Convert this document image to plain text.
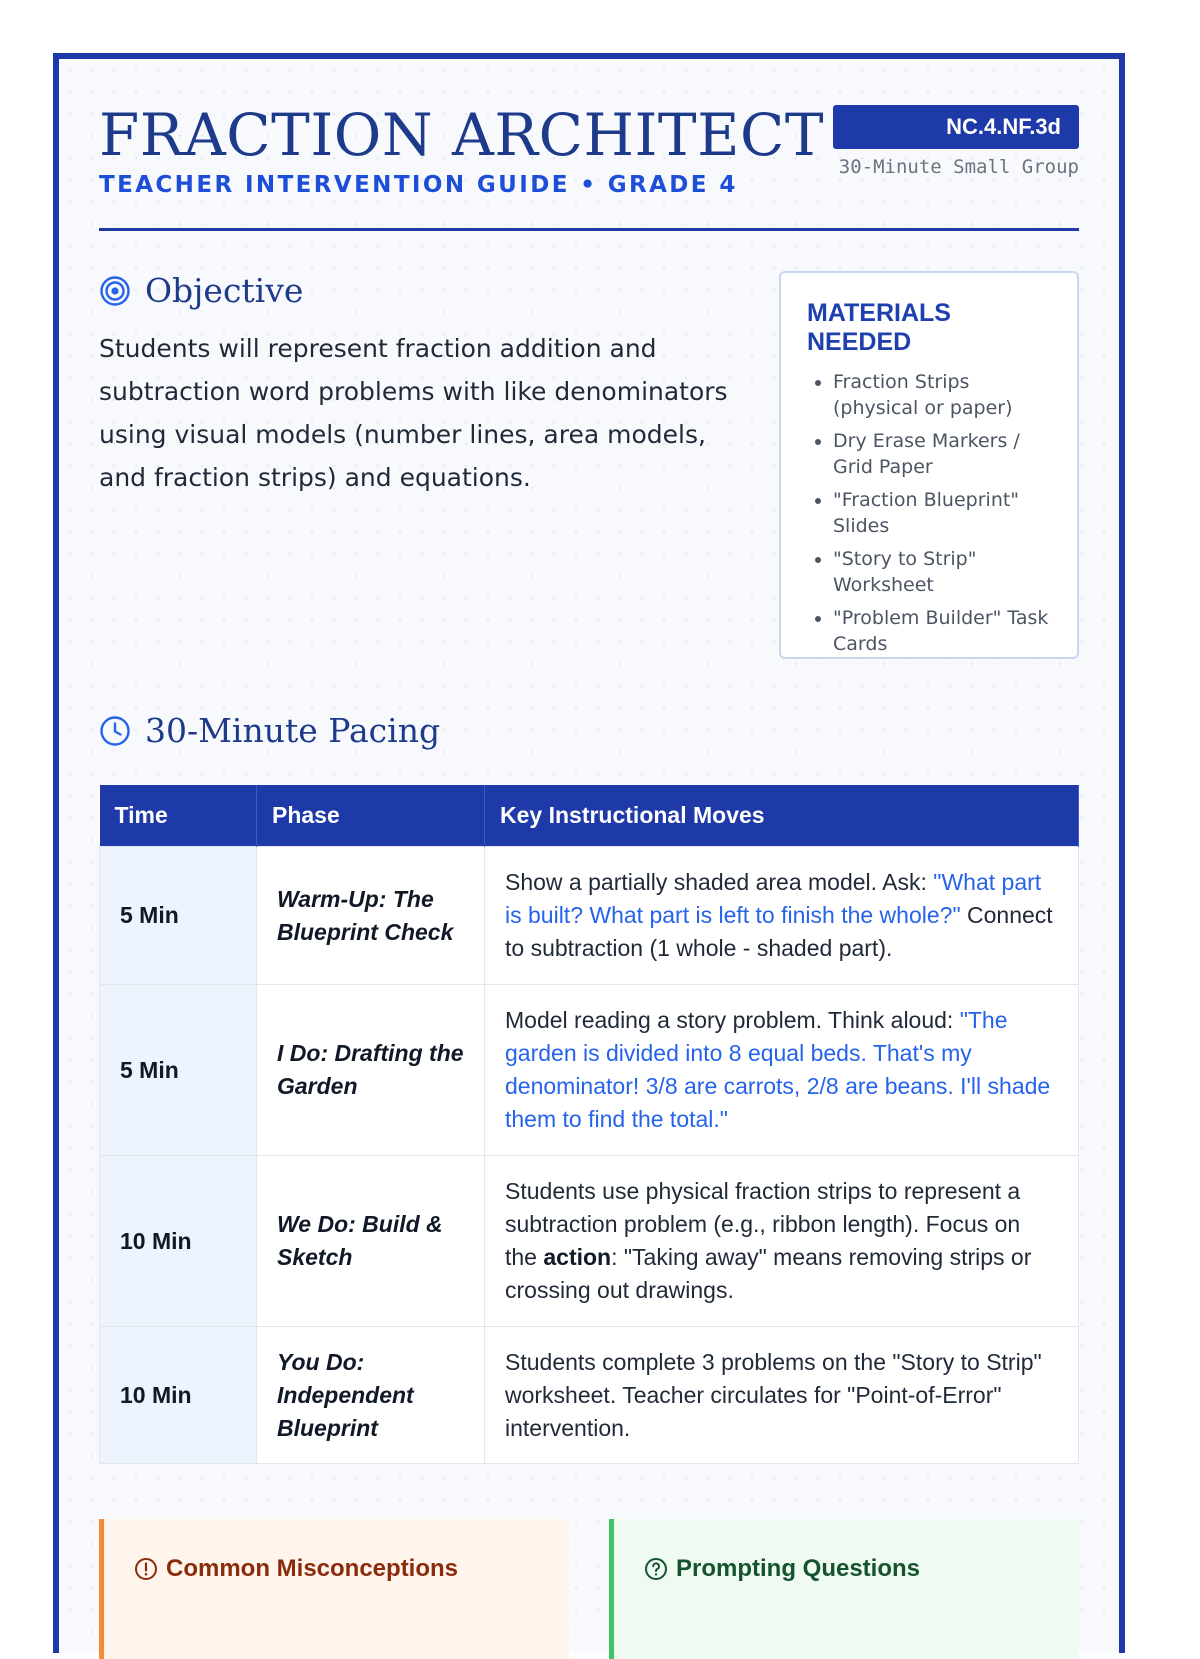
FRACTION ARCHITECT
TEACHER INTERVENTION GUIDE • GRADE 4
NC.4.NF.3d
30-Minute Small Group
Objective

Students will represent fraction addition and subtraction word problems with like denominators using visual models (number lines, area models, and fraction strips) and equations.

MATERIALS NEEDED
• Fraction Strips (physical or paper)
• Dry Erase Markers / Grid Paper
• "Fraction Blueprint" Slides
• "Story to Strip" Worksheet
• "Problem Builder" Task Cards
30-Minute Pacing
Time	Phase	Key Instructional Moves
5 Min	Warm-Up: The Blueprint Check	Show a partially shaded area model. Ask: "What part is built? What part is left to finish the whole?" Connect to subtraction (1 whole - shaded part).
5 Min	I Do: Drafting the Garden	Model reading a story problem. Think aloud: "The garden is divided into 8 equal beds. That's my denominator! 3/8 are carrots, 2/8 are beans. I'll shade them to find the total."
10 Min	We Do: Build & Sketch	Students use physical fraction strips to represent a subtraction problem (e.g., ribbon length). Focus on the action: "Taking away" means removing strips or crossing out drawings.
10 Min	You Do: Independent Blueprint	Students complete 3 problems on the "Story to Strip" worksheet. Teacher circulates for "Point-of-Error" intervention.
Common Misconceptions	Prompting Questions
